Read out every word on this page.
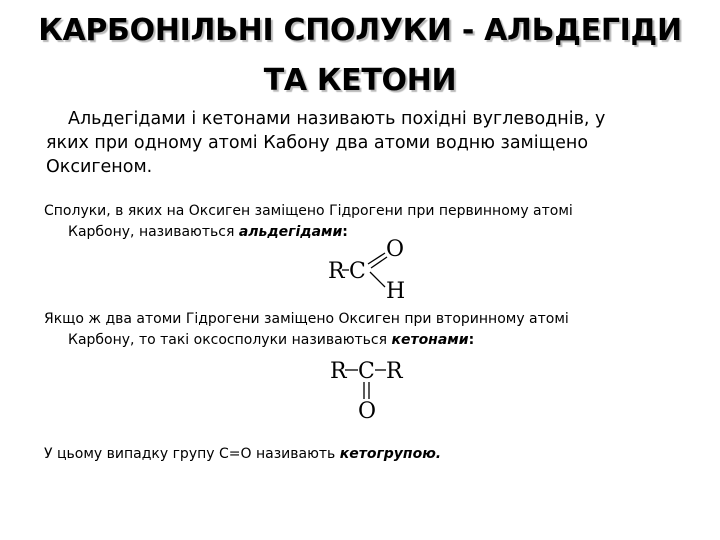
КАРБОНІЛЬНІ СПОЛУКИ - АЛЬДЕГІДИ ТА КЕТОНИ
Альдегідами і кетонами називають похідні вуглеводнів, у
яких при одному атомі Кабону два атоми водню заміщено
Оксигеном.
Сполуки, в яких на Оксиген заміщено Гідрогени при первинному атомі
Карбону, називаються альдегідами:
R C
O
H
Якщо ж два атоми Гідрогени заміщено Оксиген при вторинному атомі
Карбону, то такі оксосполуки називаються кетонами:
R C R
O
У цьому випадку групу С=О називають кетогрупою.
